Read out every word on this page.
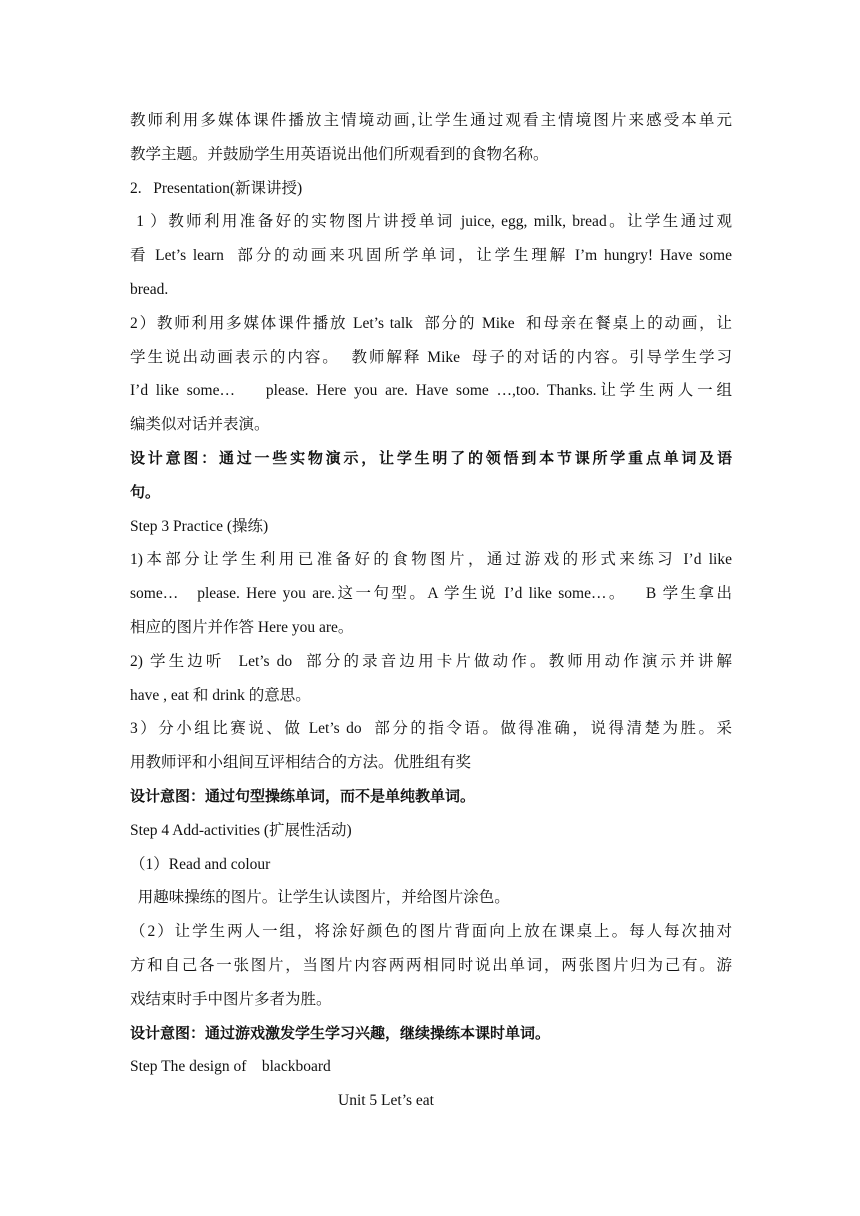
教师利用多媒体课件播放主情境动画,让学生通过观看主情境图片来感受本单元
教学主题。并鼓励学生用英语说出他们所观看到的食物名称。
2.   Presentation(新课讲授)
1 ）教师利用准备好的实物图片讲授单词 juice, egg, milk, bread。让学生通过观
看 Let’s learn  部分的动画来巩固所学单词，让学生理解 I’m hungry! Have some
bread.
2）教师利用多媒体课件播放 Let’s talk  部分的 Mike  和母亲在餐桌上的动画，让
学生说出动画表示的内容。  教师解释 Mike  母子的对话的内容。引导学生学习
I’d like some…    please. Here you are. Have some …,too. Thanks.让学生两人一组
编类似对话并表演。
设计意图：通过一些实物演示，让学生明了的领悟到本节课所学重点单词及语
句。
Step 3 Practice (操练)
1)本部分让学生利用已准备好的食物图片，通过游戏的形式来练习 I’d like
some…   please. Here you are.这一句型。A 学生说 I’d like some…。   B 学生拿出
相应的图片并作答 Here you are。
2) 学生边听  Let’s do  部分的录音边用卡片做动作。教师用动作演示并讲解
have , eat 和 drink 的意思。
3）分小组比赛说、做 Let’s do  部分的指令语。做得准确，说得清楚为胜。采
用教师评和小组间互评相结合的方法。优胜组有奖
设计意图：通过句型操练单词，而不是单纯教单词。
Step 4 Add-activities (扩展性活动)
（1）Read and colour
用趣味操练的图片。让学生认读图片，并给图片涂色。
（2）让学生两人一组，将涂好颜色的图片背面向上放在课桌上。每人每次抽对
方和自己各一张图片，当图片内容两两相同时说出单词，两张图片归为己有。游
戏结束时手中图片多者为胜。
设计意图：通过游戏激发学生学习兴趣，继续操练本课时单词。
Step The design of    blackboard
Unit 5 Let’s eat
